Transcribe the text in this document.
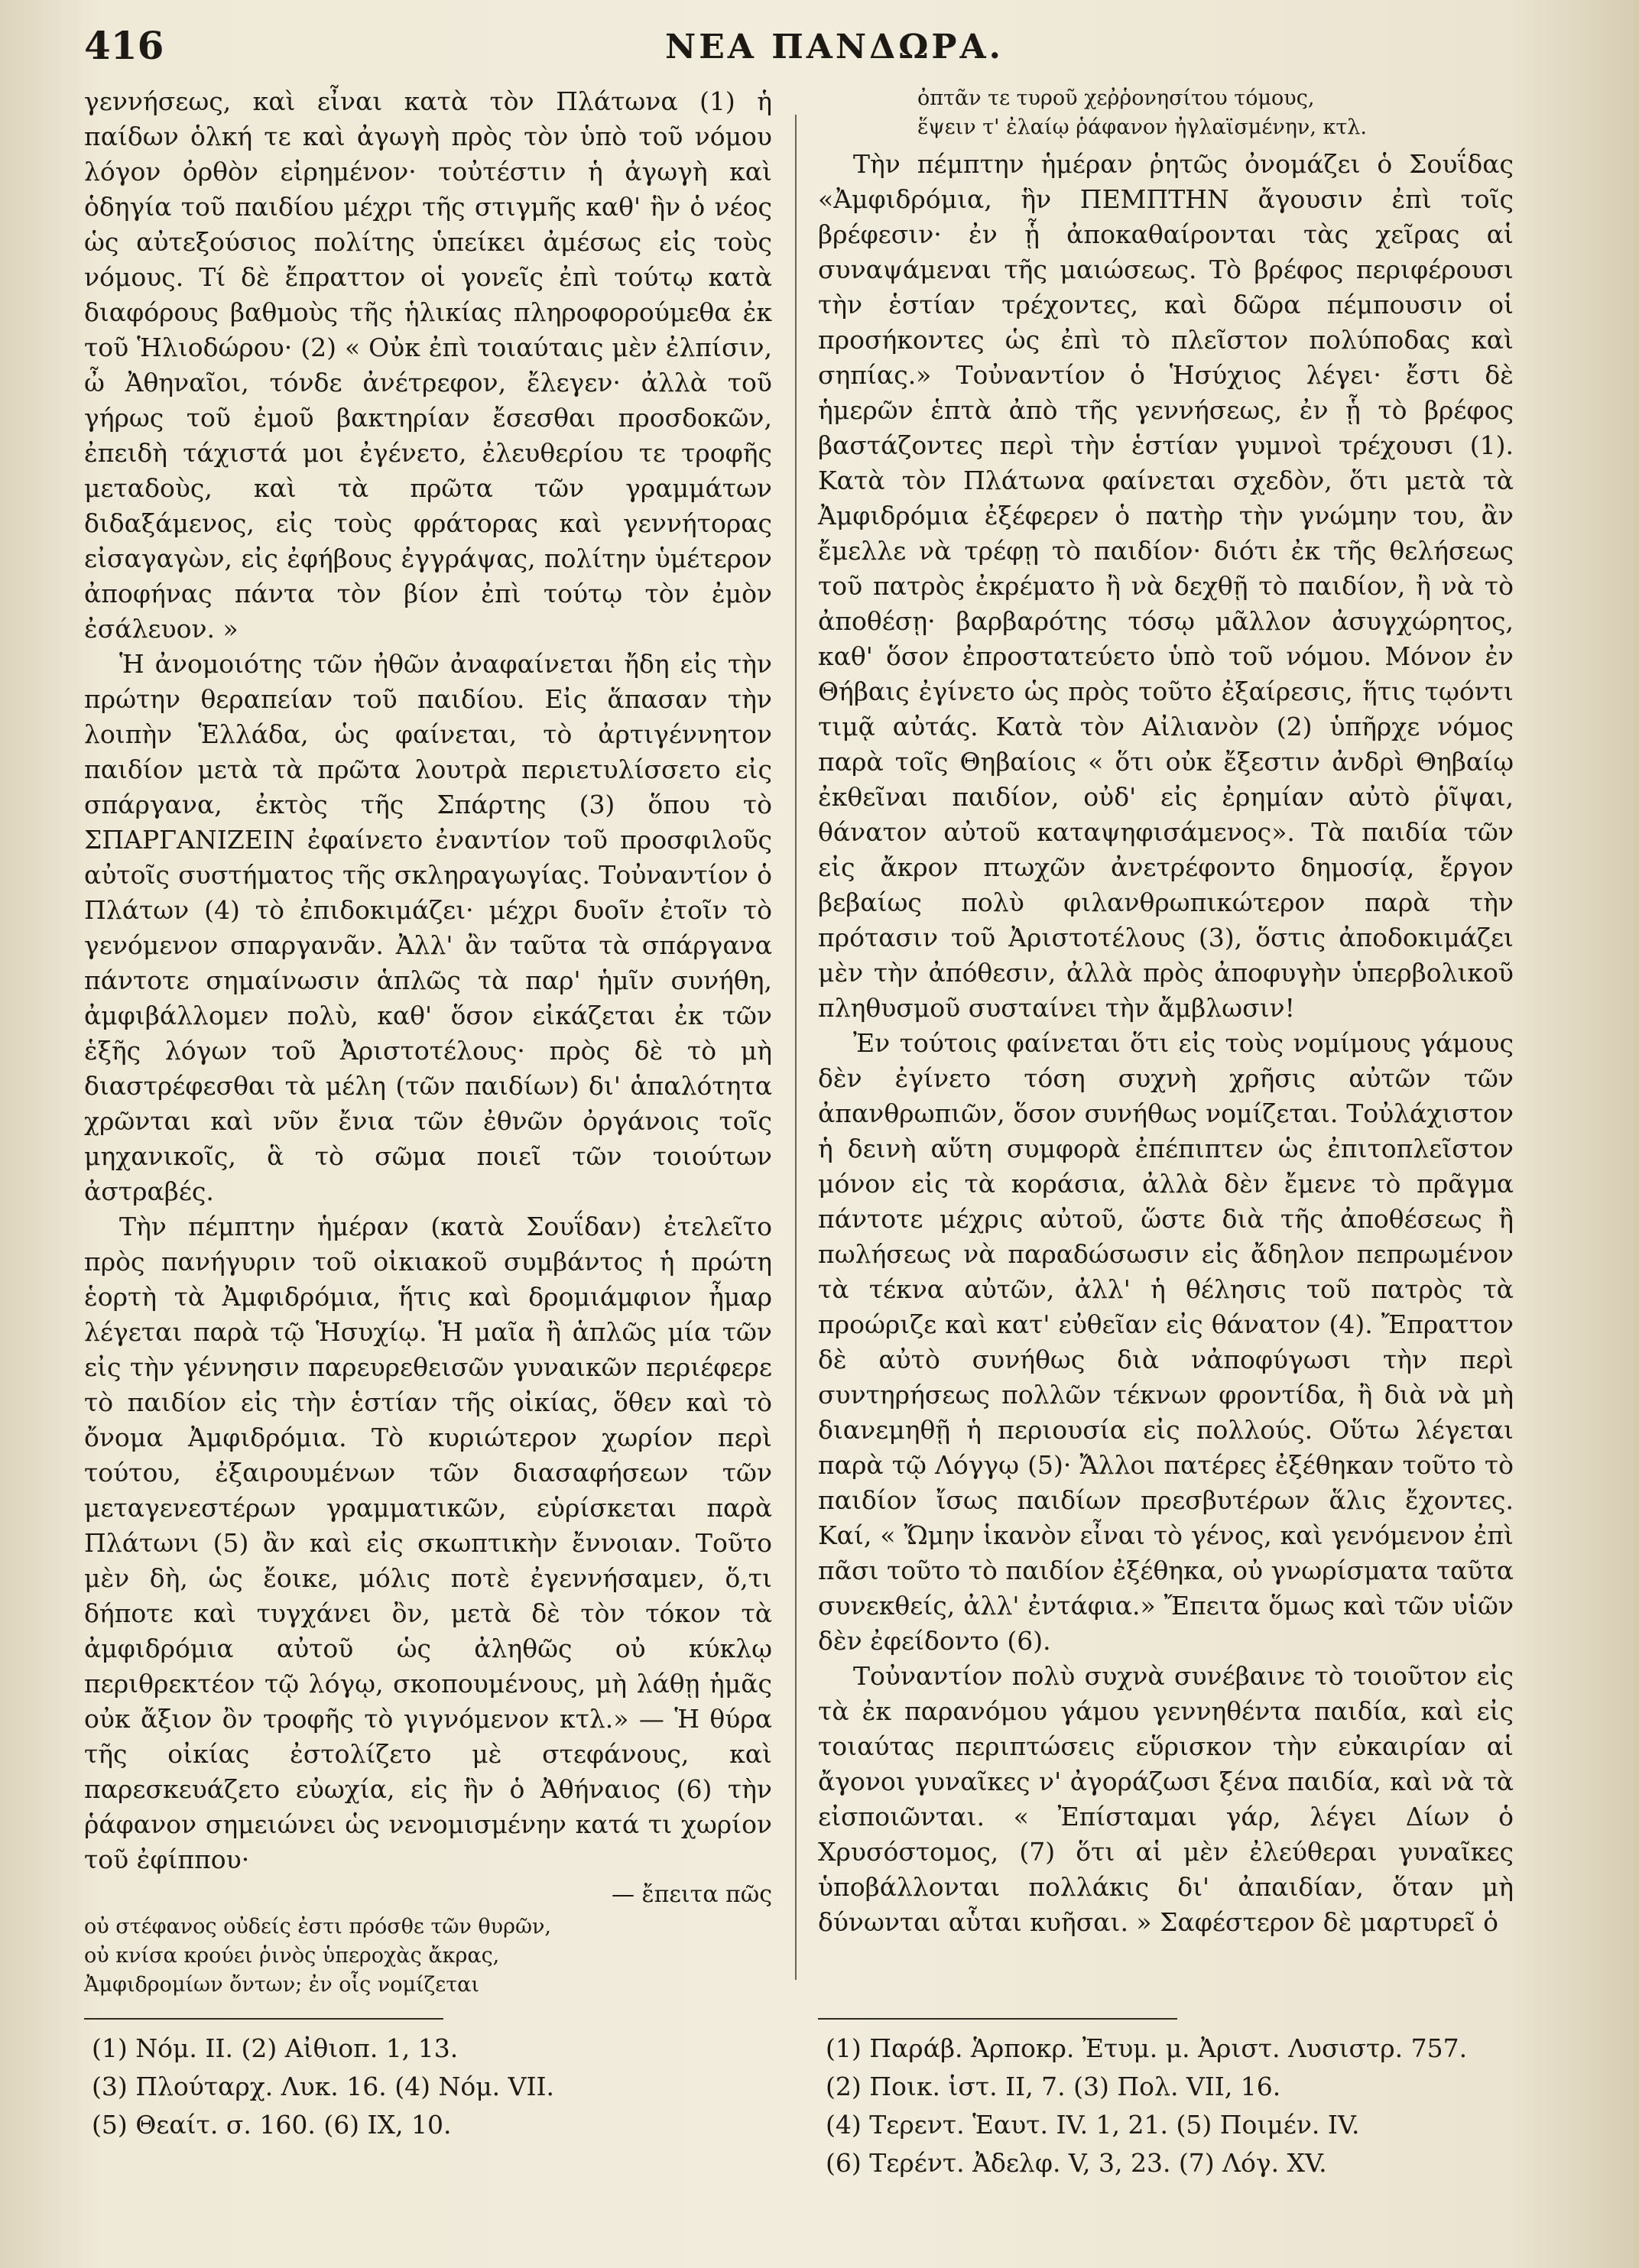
416	ΝΕΑ ΠΑΝΔΩΡΑ.

γεννήσεως, καὶ εἶναι κατὰ τὸν Πλάτωνα (1) ἡ παίδων ὁλκή τε καὶ ἀγωγὴ πρὸς τὸν ὑπὸ τοῦ νόμου λόγον ὀρθὸν εἰρημένον· τοὐτέστιν ἡ ἀγωγὴ καὶ ὁδηγία τοῦ παιδίου μέχρι τῆς στιγμῆς καθ' ἣν ὁ νέος ὡς αὐτεξούσιος πολίτης ὑπείκει ἀμέσως εἰς τοὺς νόμους. Τί δὲ ἔπραττον οἱ γονεῖς ἐπὶ τούτῳ κατὰ διαφόρους βαθμοὺς τῆς ἡλικίας πληροφορούμεθα ἐκ τοῦ Ἡλιοδώρου· (2) « Οὐκ ἐπὶ τοιαύταις μὲν ἐλπίσιν, ὦ Ἀθηναῖοι, τόνδε ἀνέτρεφον, ἔλεγεν· ἀλλὰ τοῦ γήρως τοῦ ἐμοῦ βακτηρίαν ἔσεσθαι προσδοκῶν, ἐπειδὴ τάχιστά μοι ἐγένετο, ἐλευθερίου τε τροφῆς μεταδοὺς, καὶ τὰ πρῶτα τῶν γραμμάτων διδαξάμενος, εἰς τοὺς φράτορας καὶ γεννήτορας εἰσαγαγὼν, εἰς ἐφήβους ἐγγράψας, πολίτην ὑμέτερον ἀποφήνας πάντα τὸν βίον ἐπὶ τούτῳ τὸν ἐμὸν ἐσάλευον. »

Ἡ ἀνομοιότης τῶν ἠθῶν ἀναφαίνεται ἤδη εἰς τὴν πρώτην θεραπείαν τοῦ παιδίου. Εἰς ἅπασαν τὴν λοιπὴν Ἑλλάδα, ὡς φαίνεται, τὸ ἀρτιγέννητον παιδίον μετὰ τὰ πρῶτα λουτρὰ περιετυλίσσετο εἰς σπάργανα, ἐκτὸς τῆς Σπάρτης (3) ὅπου τὸ ΣΠΑΡΓΑΝΙΖΕΙΝ ἐφαίνετο ἐναντίον τοῦ προσφιλοῦς αὐτοῖς συστήματος τῆς σκληραγωγίας. Τοὐναντίον ὁ Πλάτων (4) τὸ ἐπιδοκιμάζει· μέχρι δυοῖν ἐτοῖν τὸ γενόμενον σπαργανᾶν. Ἀλλ' ἂν ταῦτα τὰ σπάργανα πάντοτε σημαίνωσιν ἁπλῶς τὰ παρ' ἡμῖν συνήθη, ἀμφιβάλλομεν πολὺ, καθ' ὅσον εἰκάζεται ἐκ τῶν ἑξῆς λόγων τοῦ Ἀριστοτέλους· πρὸς δὲ τὸ μὴ διαστρέφεσθαι τὰ μέλη (τῶν παιδίων) δι' ἁπαλότητα χρῶνται καὶ νῦν ἔνια τῶν ἐθνῶν ὀργάνοις τοῖς μηχανικοῖς, ἃ τὸ σῶμα ποιεῖ τῶν τοιούτων ἀστραβές.

Τὴν πέμπτην ἡμέραν (κατὰ Σουΐδαν) ἐτελεῖτο πρὸς πανήγυριν τοῦ οἰκιακοῦ συμβάντος ἡ πρώτη ἑορτὴ τὰ Ἀμφιδρόμια, ἥτις καὶ δρομιάμφιον ἦμαρ λέγεται παρὰ τῷ Ἡσυχίῳ. Ἡ μαῖα ἢ ἁπλῶς μία τῶν εἰς τὴν γέννησιν παρευρεθεισῶν γυναικῶν περιέφερε τὸ παιδίον εἰς τὴν ἑστίαν τῆς οἰκίας, ὅθεν καὶ τὸ ὄνομα Ἀμφιδρόμια. Τὸ κυριώτερον χωρίον περὶ τούτου, ἐξαιρουμένων τῶν διασαφήσεων τῶν μεταγενεστέρων γραμματικῶν, εὑρίσκεται παρὰ Πλάτωνι (5) ἂν καὶ εἰς σκωπτικὴν ἔννοιαν. Τοῦτο μὲν δὴ, ὡς ἔοικε, μόλις ποτὲ ἐγεννήσαμεν, ὅ,τι δήποτε καὶ τυγχάνει ὂν, μετὰ δὲ τὸν τόκον τὰ ἀμφιδρόμια αὐτοῦ ὡς ἀληθῶς οὐ κύκλῳ περιθρεκτέον τῷ λόγῳ, σκοπουμένους, μὴ λάθῃ ἡμᾶς οὐκ ἄξιον ὂν τροφῆς τὸ γιγνόμενον κτλ.» — Ἡ θύρα τῆς οἰκίας ἐστολίζετο μὲ στεφάνους, καὶ παρεσκευάζετο εὐωχία, εἰς ἣν ὁ Ἀθήναιος (6) τὴν ῥάφανον σημειώνει ὡς νενομισμένην κατά τι χωρίον τοῦ ἐφίππου·

— ἔπειτα πῶς

οὐ στέφανος οὐδείς ἐστι πρόσθε τῶν θυρῶν,

οὐ κνίσα κρούει ῥινὸς ὑπεροχὰς ἄκρας,

Ἀμφιδρομίων ὄντων; ἐν οἷς νομίζεται

ὀπτᾶν τε τυροῦ χεῤῥονησίτου τόμους,

ἕψειν τ' ἐλαίῳ ῥάφανον ἠγλαϊσμένην, κτλ.

Τὴν πέμπτην ἡμέραν ῥητῶς ὀνομάζει ὁ Σουΐδας «Ἀμφιδρόμια, ἣν ΠΕΜΠΤΗΝ ἄγουσιν ἐπὶ τοῖς βρέφεσιν· ἐν ᾗ ἀποκαθαίρονται τὰς χεῖρας αἱ συναψάμεναι τῆς μαιώσεως. Τὸ βρέφος περιφέρουσι τὴν ἑστίαν τρέχοντες, καὶ δῶρα πέμπουσιν οἱ προσήκοντες ὡς ἐπὶ τὸ πλεῖστον πολύποδας καὶ σηπίας.» Τοὐναντίον ὁ Ἡσύχιος λέγει· ἔστι δὲ ἡμερῶν ἑπτὰ ἀπὸ τῆς γεννήσεως, ἐν ᾗ τὸ βρέφος βαστάζοντες περὶ τὴν ἑστίαν γυμνοὶ τρέχουσι (1). Κατὰ τὸν Πλάτωνα φαίνεται σχεδὸν, ὅτι μετὰ τὰ Ἀμφιδρόμια ἐξέφερεν ὁ πατὴρ τὴν γνώμην του, ἂν ἔμελλε νὰ τρέφῃ τὸ παιδίον· διότι ἐκ τῆς θελήσεως τοῦ πατρὸς ἐκρέματο ἢ νὰ δεχθῇ τὸ παιδίον, ἢ νὰ τὸ ἀποθέσῃ· βαρβαρότης τόσῳ μᾶλλον ἀσυγχώρητος, καθ' ὅσον ἐπροστατεύετο ὑπὸ τοῦ νόμου. Μόνον ἐν Θήβαις ἐγίνετο ὡς πρὸς τοῦτο ἐξαίρεσις, ἥτις τῳόντι τιμᾷ αὐτάς. Κατὰ τὸν Αἰλιανὸν (2) ὑπῆρχε νόμος παρὰ τοῖς Θηβαίοις « ὅτι οὐκ ἔξεστιν ἀνδρὶ Θηβαίῳ ἐκθεῖναι παιδίον, οὐδ' εἰς ἐρημίαν αὐτὸ ῥῖψαι, θάνατον αὐτοῦ καταψηφισάμενος». Τὰ παιδία τῶν εἰς ἄκρον πτωχῶν ἀνετρέφοντο δημοσίᾳ, ἔργον βεβαίως πολὺ φιλανθρωπικώτερον παρὰ τὴν πρότασιν τοῦ Ἀριστοτέλους (3), ὅστις ἀποδοκιμάζει μὲν τὴν ἀπόθεσιν, ἀλλὰ πρὸς ἀποφυγὴν ὑπερβολικοῦ πληθυσμοῦ συσταίνει τὴν ἄμβλωσιν!

Ἐν τούτοις φαίνεται ὅτι εἰς τοὺς νομίμους γάμους δὲν ἐγίνετο τόση συχνὴ χρῆσις αὐτῶν τῶν ἀπανθρωπιῶν, ὅσον συνήθως νομίζεται. Τοὐλάχιστον ἡ δεινὴ αὕτη συμφορὰ ἐπέπιπτεν ὡς ἐπιτοπλεῖστον μόνον εἰς τὰ κοράσια, ἀλλὰ δὲν ἔμενε τὸ πρᾶγμα πάντοτε μέχρις αὐτοῦ, ὥστε διὰ τῆς ἀποθέσεως ἢ πωλήσεως νὰ παραδώσωσιν εἰς ἄδηλον πεπρωμένον τὰ τέκνα αὐτῶν, ἀλλ' ἡ θέλησις τοῦ πατρὸς τὰ προώριζε καὶ κατ' εὐθεῖαν εἰς θάνατον (4). Ἔπραττον δὲ αὐτὸ συνήθως διὰ νἀποφύγωσι τὴν περὶ συντηρήσεως πολλῶν τέκνων φροντίδα, ἢ διὰ νὰ μὴ διανεμηθῇ ἡ περιουσία εἰς πολλούς. Οὕτω λέγεται παρὰ τῷ Λόγγῳ (5)· Ἄλλοι πατέρες ἐξέθηκαν τοῦτο τὸ παιδίον ἴσως παιδίων πρεσβυτέρων ἅλις ἔχοντες. Καί, « Ὤμην ἱκανὸν εἶναι τὸ γένος, καὶ γενόμενον ἐπὶ πᾶσι τοῦτο τὸ παιδίον ἐξέθηκα, οὐ γνωρίσματα ταῦτα συνεκθείς, ἀλλ' ἐντάφια.» Ἔπειτα ὅμως καὶ τῶν υἱῶν δὲν ἐφείδοντο (6).

Τοὐναντίον πολὺ συχνὰ συνέβαινε τὸ τοιοῦτον εἰς τὰ ἐκ παρανόμου γάμου γεννηθέντα παιδία, καὶ εἰς τοιαύτας περιπτώσεις εὕρισκον τὴν εὐκαιρίαν αἱ ἄγονοι γυναῖκες ν' ἀγοράζωσι ξένα παιδία, καὶ νὰ τὰ εἰσποιῶνται. « Ἐπίσταμαι γάρ, λέγει Δίων ὁ Χρυσόστομος, (7) ὅτι αἱ μὲν ἐλεύθεραι γυναῖκες ὑποβάλλονται πολλάκις δι' ἀπαιδίαν, ὅταν μὴ δύνωνται αὗται κυῆσαι. » Σαφέστερον δὲ μαρτυρεῖ ὁ

(1) Νόμ. ΙΙ. (2) Αἰθιοπ. 1, 13.
(3) Πλούταρχ. Λυκ. 16. (4) Νόμ. VII.
(5) Θεαίτ. σ. 160. (6) IX, 10.
(1) Παράβ. Ἁρποκρ. Ἐτυμ. μ. Ἀριστ. Λυσιστρ. 757.
(2) Ποικ. ἱστ. ΙΙ, 7. (3) Πολ. VII, 16.
(4) Τερεντ. Ἑαυτ. IV. 1, 21. (5) Ποιμέν. IV.
(6) Τερέντ. Ἀδελφ. V, 3, 23. (7) Λόγ. XV.
